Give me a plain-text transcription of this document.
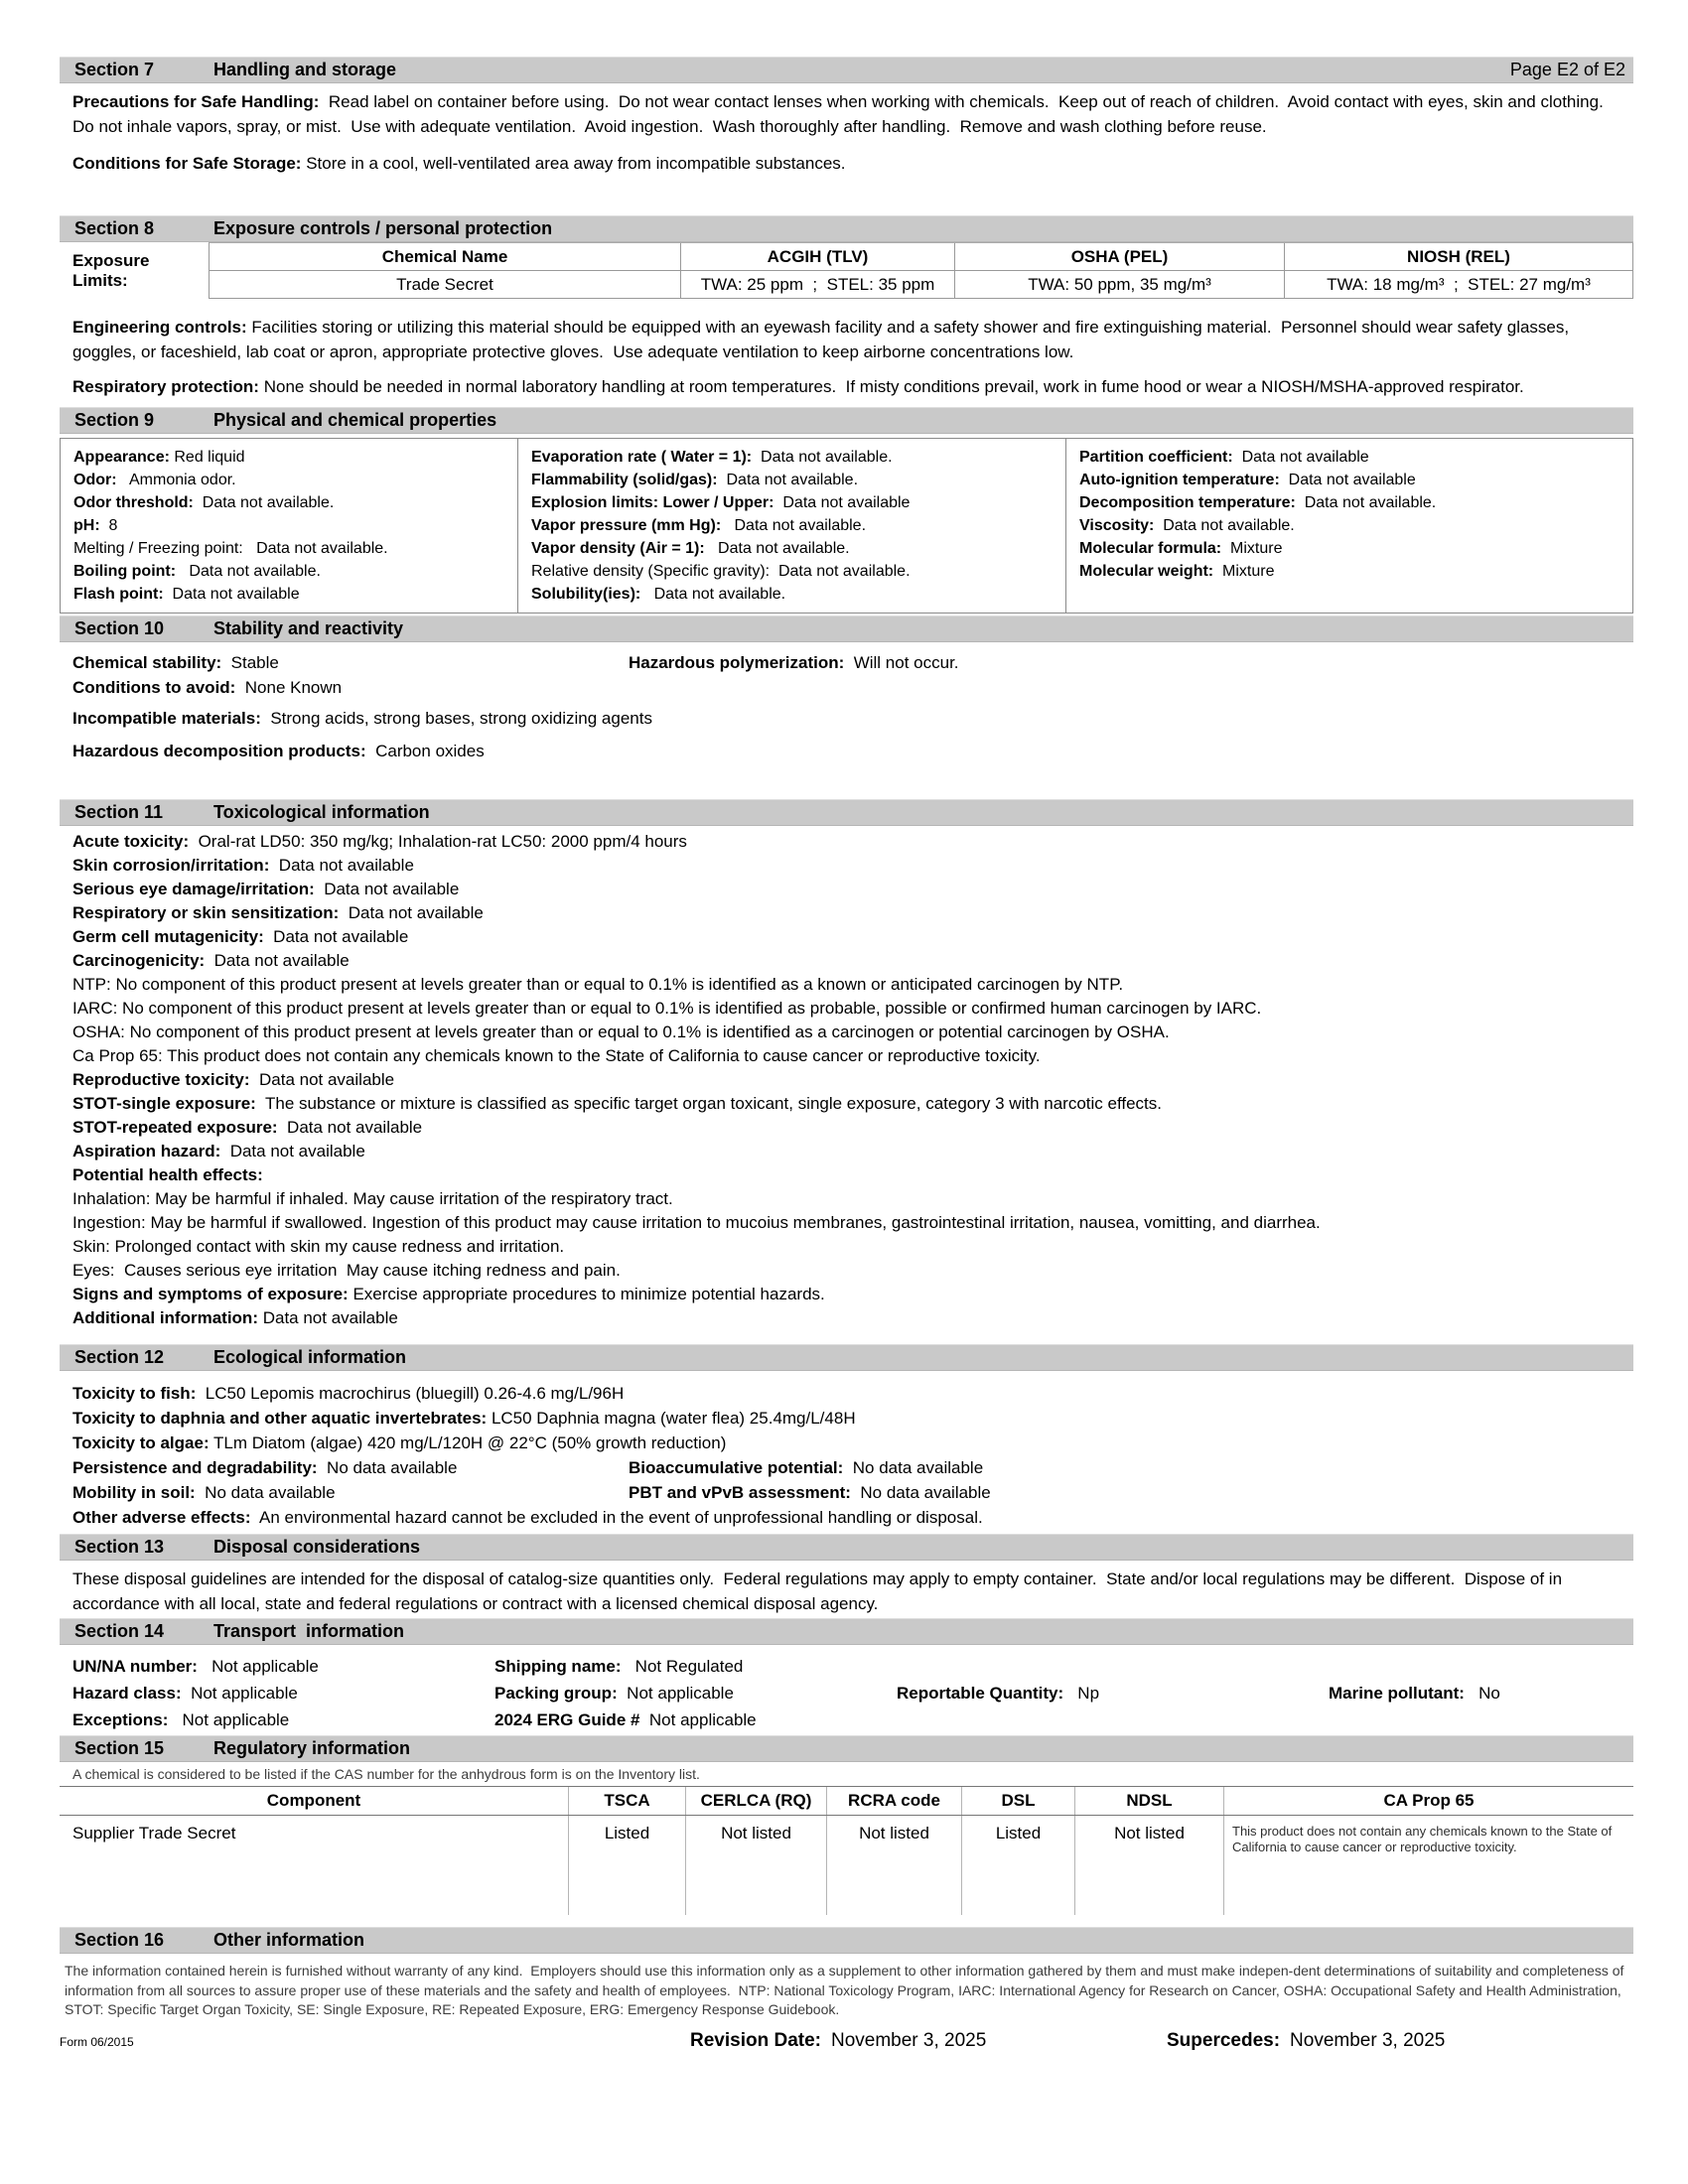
Section 7	Handling and storage	Page E2 of E2
Precautions for Safe Handling:  Read label on container before using.  Do not wear contact lenses when working with chemicals.  Keep out of reach of children.  Avoid contact with eyes, skin and clothing.  Do not inhale vapors, spray, or mist.  Use with adequate ventilation.  Avoid ingestion.  Wash thoroughly after handling.  Remove and wash clothing before reuse.
Conditions for Safe Storage: Store in a cool, well-ventilated area away from incompatible substances.
Section 8	Exposure controls / personal protection
Exposure Limits:
Chemical Name	ACGIH (TLV)	OSHA (PEL)	NIOSH (REL)
Trade Secret	TWA: 25 ppm  ;  STEL: 35 ppm	TWA: 50 ppm, 35 mg/m³	TWA: 18 mg/m³  ;  STEL: 27 mg/m³
Engineering controls: Facilities storing or utilizing this material should be equipped with an eyewash facility and a safety shower and fire extinguishing material.  Personnel should wear safety glasses, goggles, or faceshield, lab coat or apron, appropriate protective gloves.  Use adequate ventilation to keep airborne concentrations low.
Respiratory protection: None should be needed in normal laboratory handling at room temperatures.  If misty conditions prevail, work in fume hood or wear a NIOSH/MSHA-approved respirator.
Section 9	Physical and chemical properties
Appearance: Red liquid
Odor:   Ammonia odor.
Odor threshold:  Data not available.
pH:  8
Melting / Freezing point:   Data not available.
Boiling point:   Data not available.
Flash point:  Data not available
Evaporation rate ( Water = 1):  Data not available.
Flammability (solid/gas):  Data not available.
Explosion limits: Lower / Upper:  Data not available
Vapor pressure (mm Hg):   Data not available.
Vapor density (Air = 1):   Data not available.
Relative density (Specific gravity):  Data not available.
Solubility(ies):   Data not available.
Partition coefficient:  Data not available
Auto-ignition temperature:  Data not available
Decomposition temperature:  Data not available.
Viscosity:  Data not available.
Molecular formula:  Mixture
Molecular weight:  Mixture
Section 10	Stability and reactivity
Chemical stability:  Stable	Hazardous polymerization:  Will not occur.
Conditions to avoid:  None Known
Incompatible materials:  Strong acids, strong bases, strong oxidizing agents
Hazardous decomposition products:  Carbon oxides
Section 11	Toxicological information
Acute toxicity:  Oral-rat LD50: 350 mg/kg; Inhalation-rat LC50: 2000 ppm/4 hours
Skin corrosion/irritation:  Data not available
Serious eye damage/irritation:  Data not available
Respiratory or skin sensitization:  Data not available
Germ cell mutagenicity:  Data not available
Carcinogenicity:  Data not available
NTP: No component of this product present at levels greater than or equal to 0.1% is identified as a known or anticipated carcinogen by NTP.
IARC: No component of this product present at levels greater than or equal to 0.1% is identified as probable, possible or confirmed human carcinogen by IARC.
OSHA: No component of this product present at levels greater than or equal to 0.1% is identified as a carcinogen or potential carcinogen by OSHA.
Ca Prop 65: This product does not contain any chemicals known to the State of California to cause cancer or reproductive toxicity.
Reproductive toxicity:  Data not available
STOT-single exposure:  The substance or mixture is classified as specific target organ toxicant, single exposure, category 3 with narcotic effects.
STOT-repeated exposure:  Data not available
Aspiration hazard:  Data not available
Potential health effects:
Inhalation: May be harmful if inhaled. May cause irritation of the respiratory tract.
Ingestion: May be harmful if swallowed. Ingestion of this product may cause irritation to mucoius membranes, gastrointestinal irritation, nausea, vomitting, and diarrhea.
Skin: Prolonged contact with skin my cause redness and irritation.
Eyes:  Causes serious eye irritation  May cause itching redness and pain.
Signs and symptoms of exposure: Exercise appropriate procedures to minimize potential hazards.
Additional information: Data not available
Section 12	Ecological information
Toxicity to fish:  LC50 Lepomis macrochirus (bluegill) 0.26-4.6 mg/L/96H
Toxicity to daphnia and other aquatic invertebrates: LC50 Daphnia magna (water flea) 25.4mg/L/48H
Toxicity to algae: TLm Diatom (algae) 420 mg/L/120H @ 22°C (50% growth reduction)
Persistence and degradability:  No data available	Bioaccumulative potential:  No data available
Mobility in soil:  No data available	PBT and vPvB assessment:  No data available
Other adverse effects:  An environmental hazard cannot be excluded in the event of unprofessional handling or disposal.
Section 13	Disposal considerations
These disposal guidelines are intended for the disposal of catalog-size quantities only.  Federal regulations may apply to empty container.  State and/or local regulations may be different.  Dispose of in accordance with all local, state and federal regulations or contract with a licensed chemical disposal agency.
Section 14	Transport  information
UN/NA number:   Not applicable	Shipping name:   Not Regulated
Hazard class:  Not applicable	Packing group:  Not applicable	Reportable Quantity:   Np	Marine pollutant:   No
Exceptions:   Not applicable	2024 ERG Guide #  Not applicable
Section 15	Regulatory information
A chemical is considered to be listed if the CAS number for the anhydrous form is on the Inventory list.
Component	TSCA	CERLCA (RQ)	RCRA code	DSL	NDSL	CA Prop 65
Supplier Trade Secret	Listed	Not listed	Not listed	Listed	Not listed	This product does not contain any chemicals known to the State of California to cause cancer or reproductive toxicity.
Section 16	Other information
The information contained herein is furnished without warranty of any kind.  Employers should use this information only as a supplement to other information gathered by them and must make indepen-dent determinations of suitability and completeness of information from all sources to assure proper use of these materials and the safety and health of employees.  NTP: National Toxicology Program, IARC: International Agency for Research on Cancer, OSHA: Occupational Safety and Health Administration, STOT: Specific Target Organ Toxicity, SE: Single Exposure, RE: Repeated Exposure, ERG: Emergency Response Guidebook.
Form 06/2015	Revision Date: November 3, 2025	Supercedes: November 3, 2025
